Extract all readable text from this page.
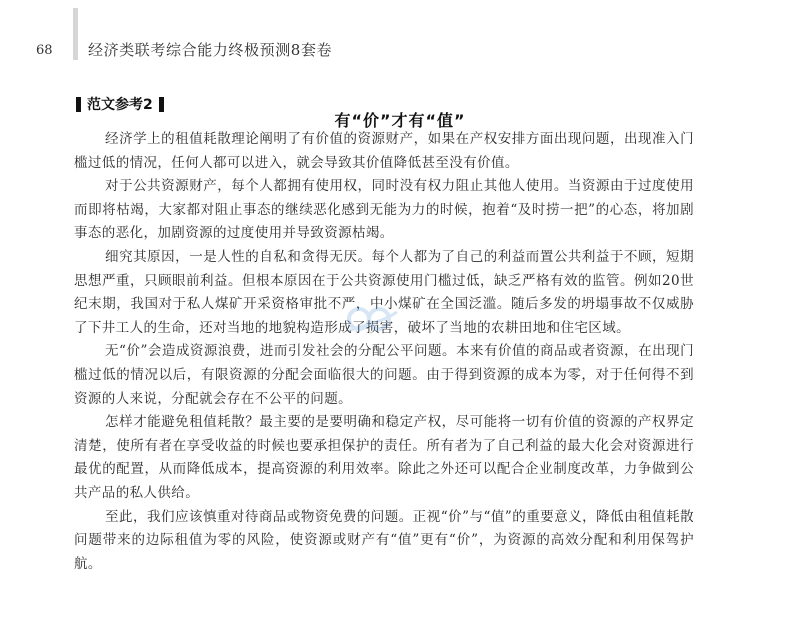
68 经济类联考综合能力终极预测8套卷
范文参考2
有“价”才有“值”

经济学上的租值耗散理论阐明了有价值的资源财产，如果在产权安排方面出现问题，出现准入门槛过低的情况，任何人都可以进入，就会导致其价值降低甚至没有价值。

对于公共资源财产，每个人都拥有使用权，同时没有权力阻止其他人使用。当资源由于过度使用而即将枯竭，大家都对阻止事态的继续恶化感到无能为力的时候，抱着“及时捞一把”的心态，将加剧事态的恶化，加剧资源的过度使用并导致资源枯竭。

细究其原因，一是人性的自私和贪得无厌。每个人都为了自己的利益而置公共利益于不顾，短期思想严重，只顾眼前利益。但根本原因在于公共资源使用门槛过低，缺乏严格有效的监管。例如20世纪末期，我国对于私人煤矿开采资格审批不严，中小煤矿在全国泛滥。随后多发的坍塌事故不仅威胁了下井工人的生命，还对当地的地貌构造形成了损害，破坏了当地的农耕田地和住宅区域。

无“价”会造成资源浪费，进而引发社会的分配公平问题。本来有价值的商品或者资源，在出现门槛过低的情况以后，有限资源的分配会面临很大的问题。由于得到资源的成本为零，对于任何得不到资源的人来说，分配就会存在不公平的问题。

怎样才能避免租值耗散？最主要的是要明确和稳定产权，尽可能将一切有价值的资源的产权界定清楚，使所有者在享受收益的时候也要承担保护的责任。所有者为了自己利益的最大化会对资源进行最优的配置，从而降低成本，提高资源的利用效率。除此之外还可以配合企业制度改革，力争做到公共产品的私人供给。

至此，我们应该慎重对待商品或物资免费的问题。正视“价”与“值”的重要意义，降低由租值耗散问题带来的边际租值为零的风险，使资源或财产有“值”更有“价”，为资源的高效分配和利用保驾护航。
